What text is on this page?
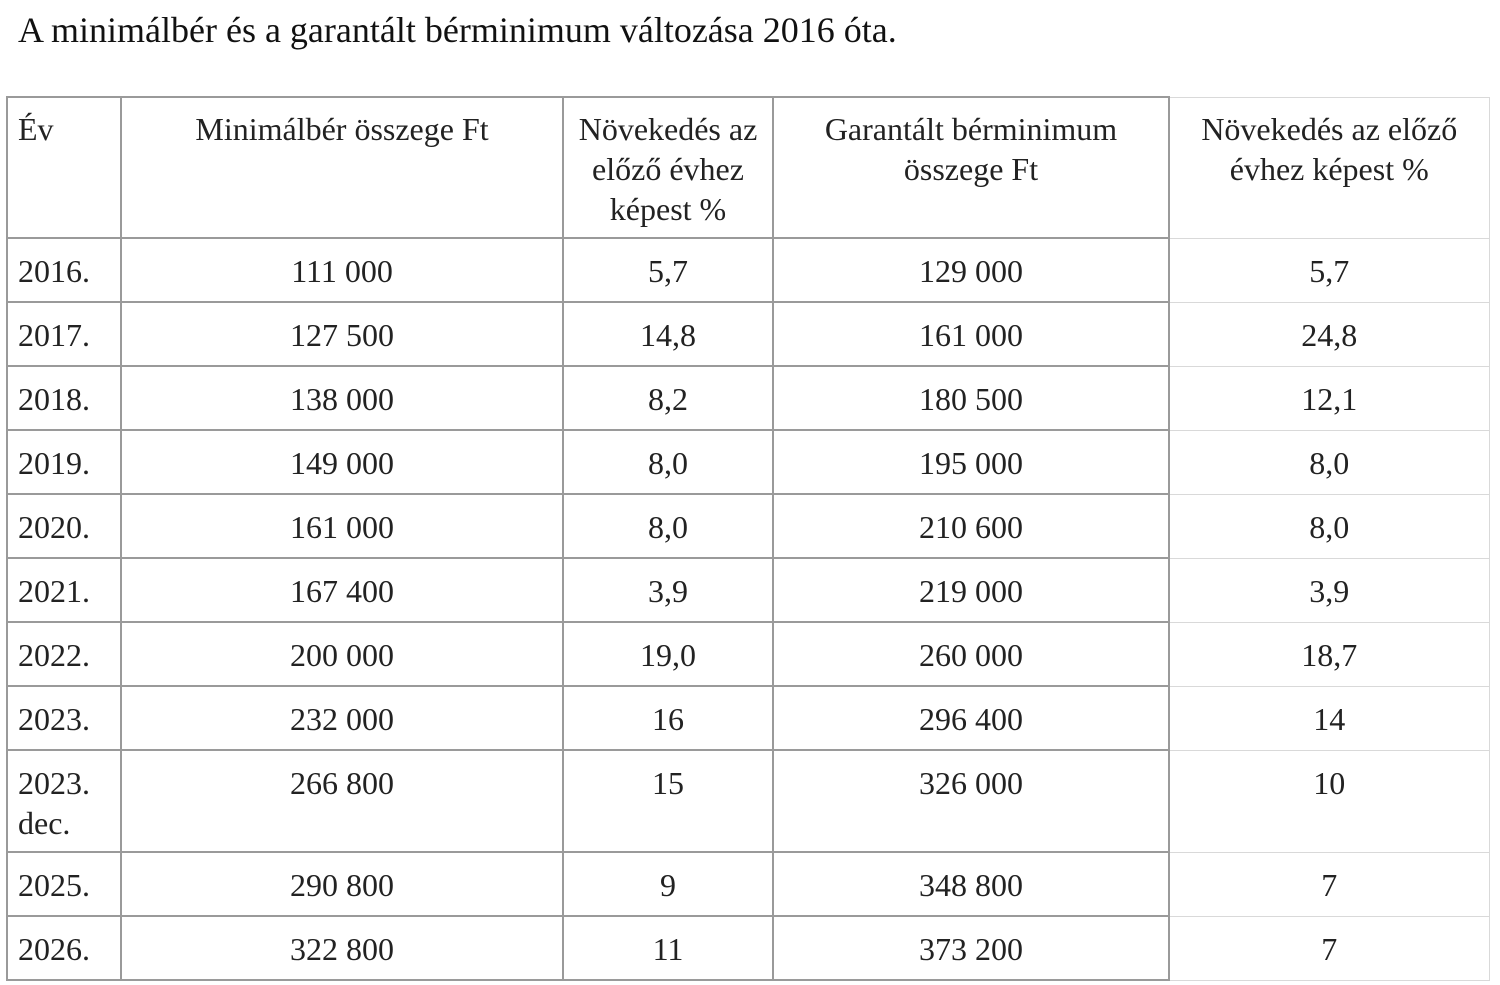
A minimálbér és a garantált bérminimum változása 2016 óta.
Év	Minimálbér összege Ft	Növekedés az előző évhez képest %	Garantált bérminimum összege Ft	Növekedés az előző évhez képest %
2016.	111 000	5,7	129 000	5,7
2017.	127 500	14,8	161 000	24,8
2018.	138 000	8,2	180 500	12,1
2019.	149 000	8,0	195 000	8,0
2020.	161 000	8,0	210 600	8,0
2021.	167 400	3,9	219 000	3,9
2022.	200 000	19,0	260 000	18,7
2023.	232 000	16	296 400	14
2023. dec.	266 800	15	326 000	10
2025.	290 800	9	348 800	7
2026.	322 800	11	373 200	7
